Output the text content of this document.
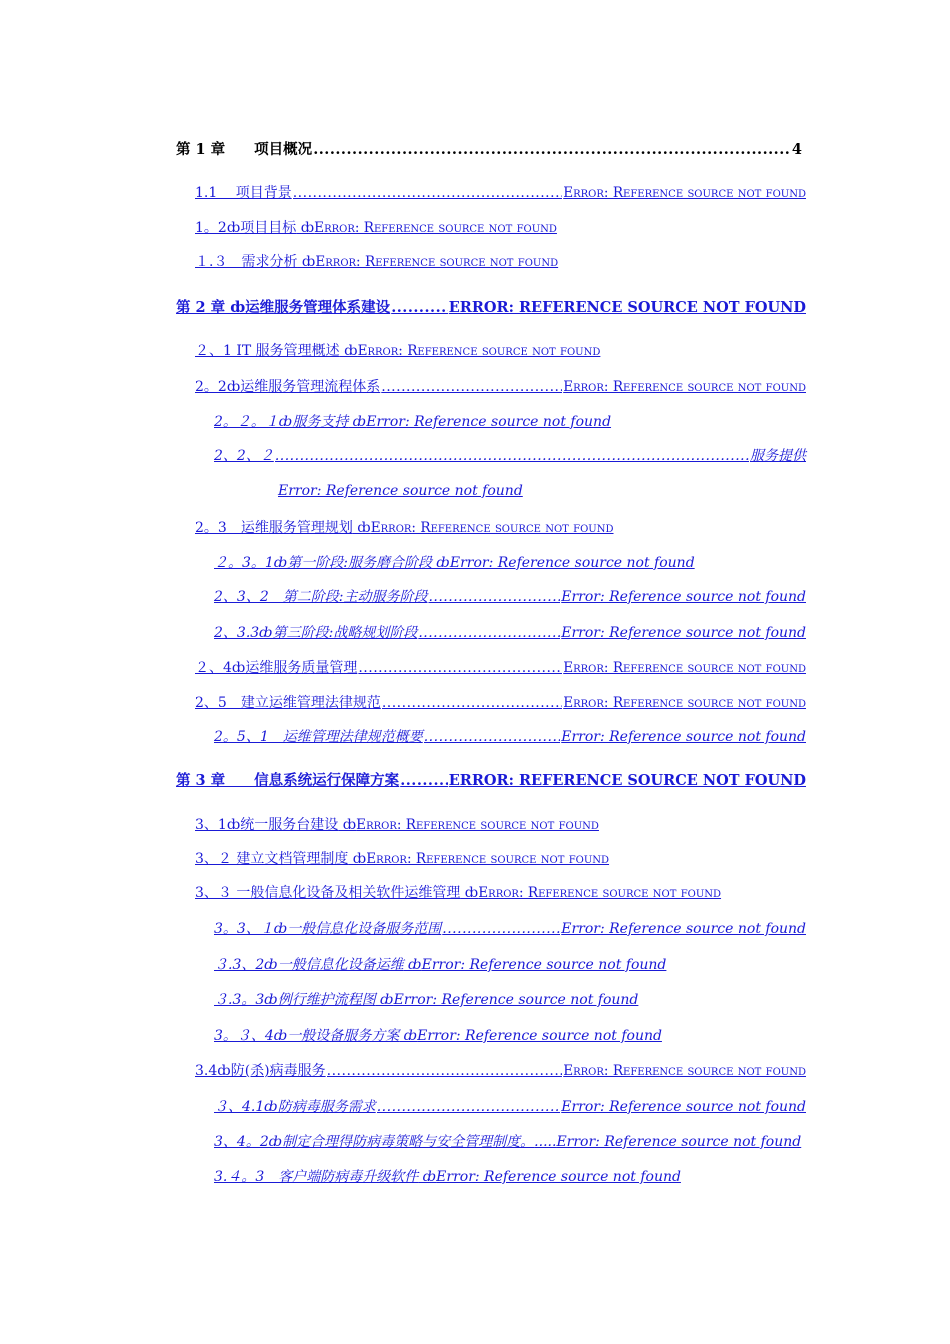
第 1 章　　项目概况 .....	4
1.1　 项目背景 .....	Error: Reference source not found
1。2ȸ项目目标 ȸError: Reference source not found
１.３　需求分析 ȸError: Reference source not found
第 2 章 ȸ运维服务管理体系建设 .....	ERROR: REFERENCE SOURCE NOT FOUND
２、1 IT 服务管理概述 ȸError: Reference source not found
2。2ȸ运维服务管理流程体系 .....	Error: Reference source not found
2。２。１ȸ服务支持 ȸError: Reference source not found
2、2、２ .....	服务提供
Error: Reference source not found
2。3　运维服务管理规划 ȸError: Reference source not found
２。3。1ȸ第一阶段:服务磨合阶段 ȸError: Reference source not found
2、3、2　第二阶段:主动服务阶段 .....	Error: Reference source not found
2、3.3ȸ第三阶段:战略规划阶段 .....	Error: Reference source not found
２、4ȸ运维服务质量管理 .....	Error: Reference source not found
2、5　建立运维管理法律规范 .....	Error: Reference source not found
2。5、1　运维管理法律规范概要 .....	Error: Reference source not found
第 3 章　　信息系统运行保障方案 .....	ERROR: REFERENCE SOURCE NOT FOUND
3、1ȸ统一服务台建设 ȸError: Reference source not found
3、２ 建立文档管理制度 ȸError: Reference source not found
3、３ 一般信息化设备及相关软件运维管理 ȸError: Reference source not found
3。3、１ȸ一般信息化设备服务范围 .....	Error: Reference source not found
３.3、2ȸ一般信息化设备运维 ȸError: Reference source not found
３.3。3ȸ例行维护流程图 ȸError: Reference source not found
3。３、4ȸ一般设备服务方案 ȸError: Reference source not found
3.4ȸ防(杀)病毒服务 .....	Error: Reference source not found
３、4.1ȸ防病毒服务需求 .....	Error: Reference source not found
3、4。2ȸ制定合理得防病毒策略与安全管理制度。.....Error: Reference source not found
3.４。3　客户端防病毒升级软件 ȸError: Reference source not found
